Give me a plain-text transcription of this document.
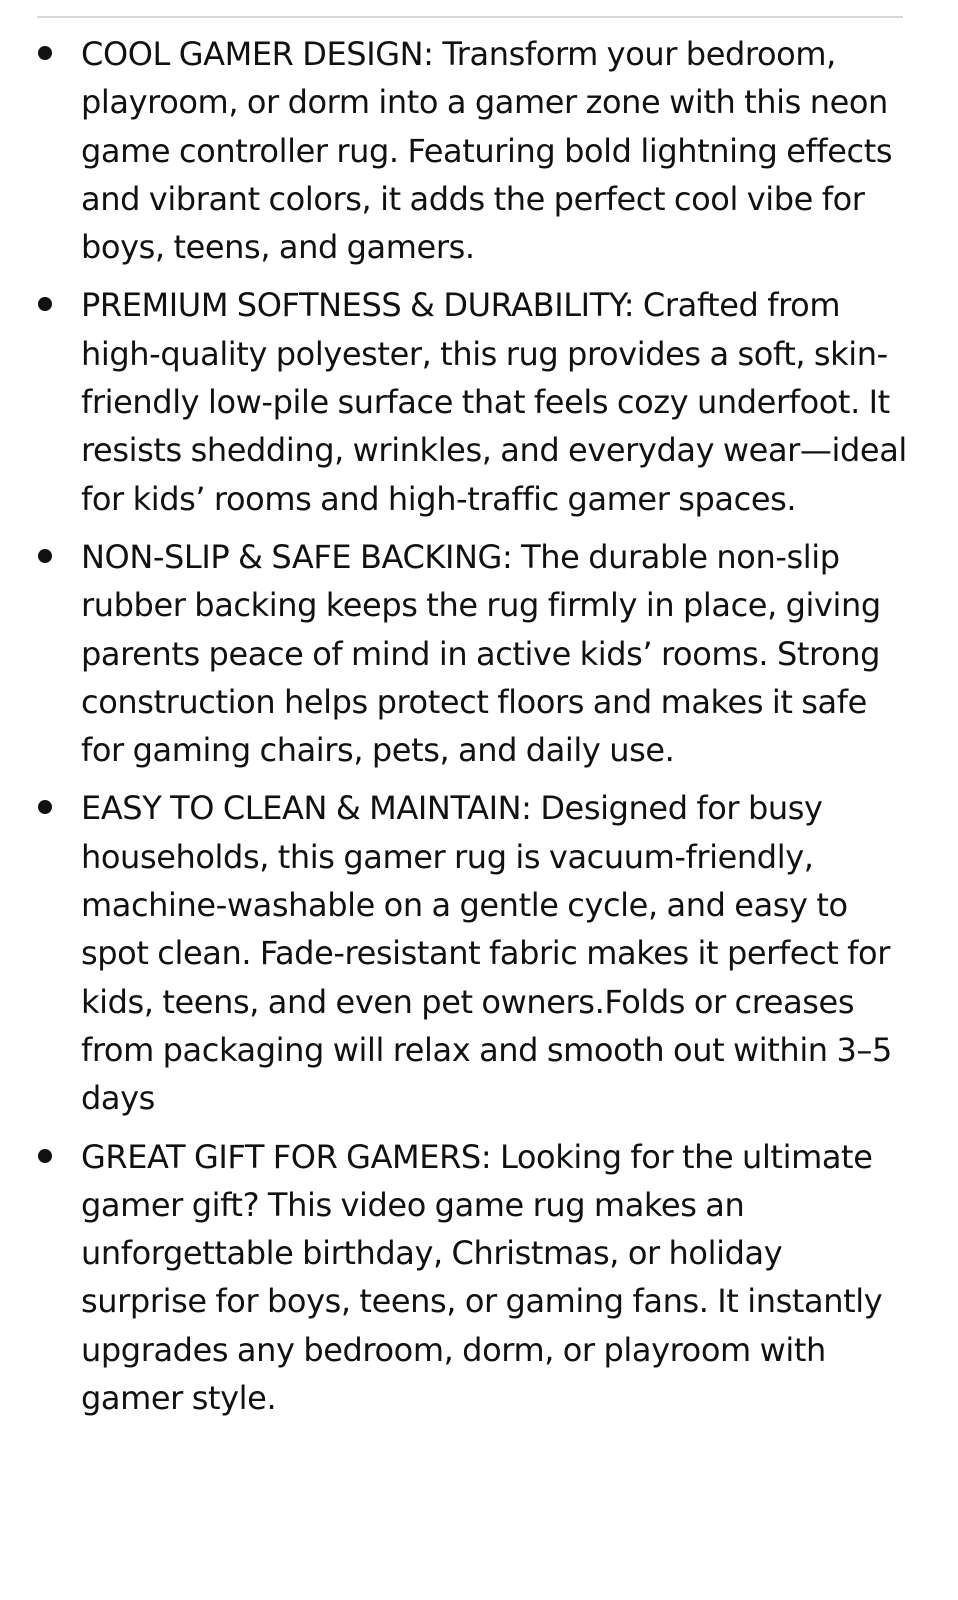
COOL GAMER DESIGN: Transform your bedroom, playroom, or dorm into a gamer zone with this neon game controller rug. Featuring bold lightning effects and vibrant colors, it adds the perfect cool vibe for boys, teens, and gamers.
PREMIUM SOFTNESS & DURABILITY: Crafted from high-quality polyester, this rug provides a soft, skin-friendly low-pile surface that feels cozy underfoot. It resists shedding, wrinkles, and everyday wear—ideal for kids’ rooms and high-traffic gamer spaces.
NON-SLIP & SAFE BACKING: The durable non-slip rubber backing keeps the rug firmly in place, giving parents peace of mind in active kids’ rooms. Strong construction helps protect floors and makes it safe for gaming chairs, pets, and daily use.
EASY TO CLEAN & MAINTAIN: Designed for busy households, this gamer rug is vacuum-friendly, machine-washable on a gentle cycle, and easy to spot clean. Fade-resistant fabric makes it perfect for kids, teens, and even pet owners.Folds or creases from packaging will relax and smooth out within 3–5 days
GREAT GIFT FOR GAMERS: Looking for the ultimate gamer gift? This video game rug makes an unforgettable birthday, Christmas, or holiday surprise for boys, teens, or gaming fans. It instantly upgrades any bedroom, dorm, or playroom with gamer style.
